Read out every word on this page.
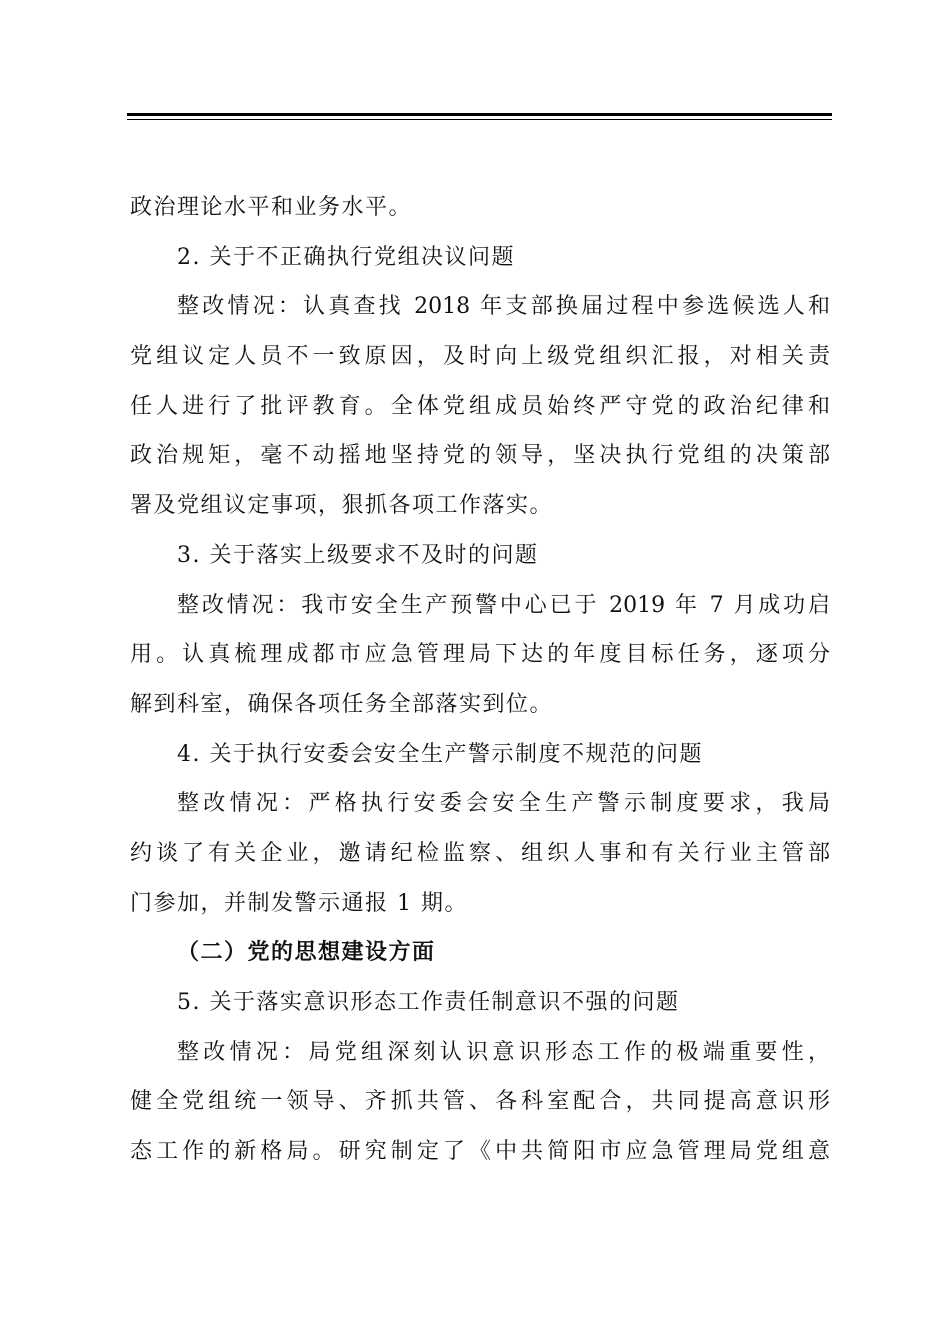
政治理论水平和业务水平。
2. 关于不正确执行党组决议问题
整改情况：认真查找 2018 年支部换届过程中参选候选人和
党组议定人员不一致原因，及时向上级党组织汇报，对相关责
任人进行了批评教育。全体党组成员始终严守党的政治纪律和
政治规矩，毫不动摇地坚持党的领导，坚决执行党组的决策部
署及党组议定事项，狠抓各项工作落实。
3. 关于落实上级要求不及时的问题
整改情况：我市安全生产预警中心已于 2019 年 7 月成功启
用。认真梳理成都市应急管理局下达的年度目标任务，逐项分
解到科室，确保各项任务全部落实到位。
4. 关于执行安委会安全生产警示制度不规范的问题
整改情况：严格执行安委会安全生产警示制度要求，我局
约谈了有关企业，邀请纪检监察、组织人事和有关行业主管部
门参加，并制发警示通报 1 期。
（二）党的思想建设方面
5. 关于落实意识形态工作责任制意识不强的问题
整改情况：局党组深刻认识意识形态工作的极端重要性，
健全党组统一领导、齐抓共管、各科室配合，共同提高意识形
态工作的新格局。研究制定了《中共简阳市应急管理局党组意
